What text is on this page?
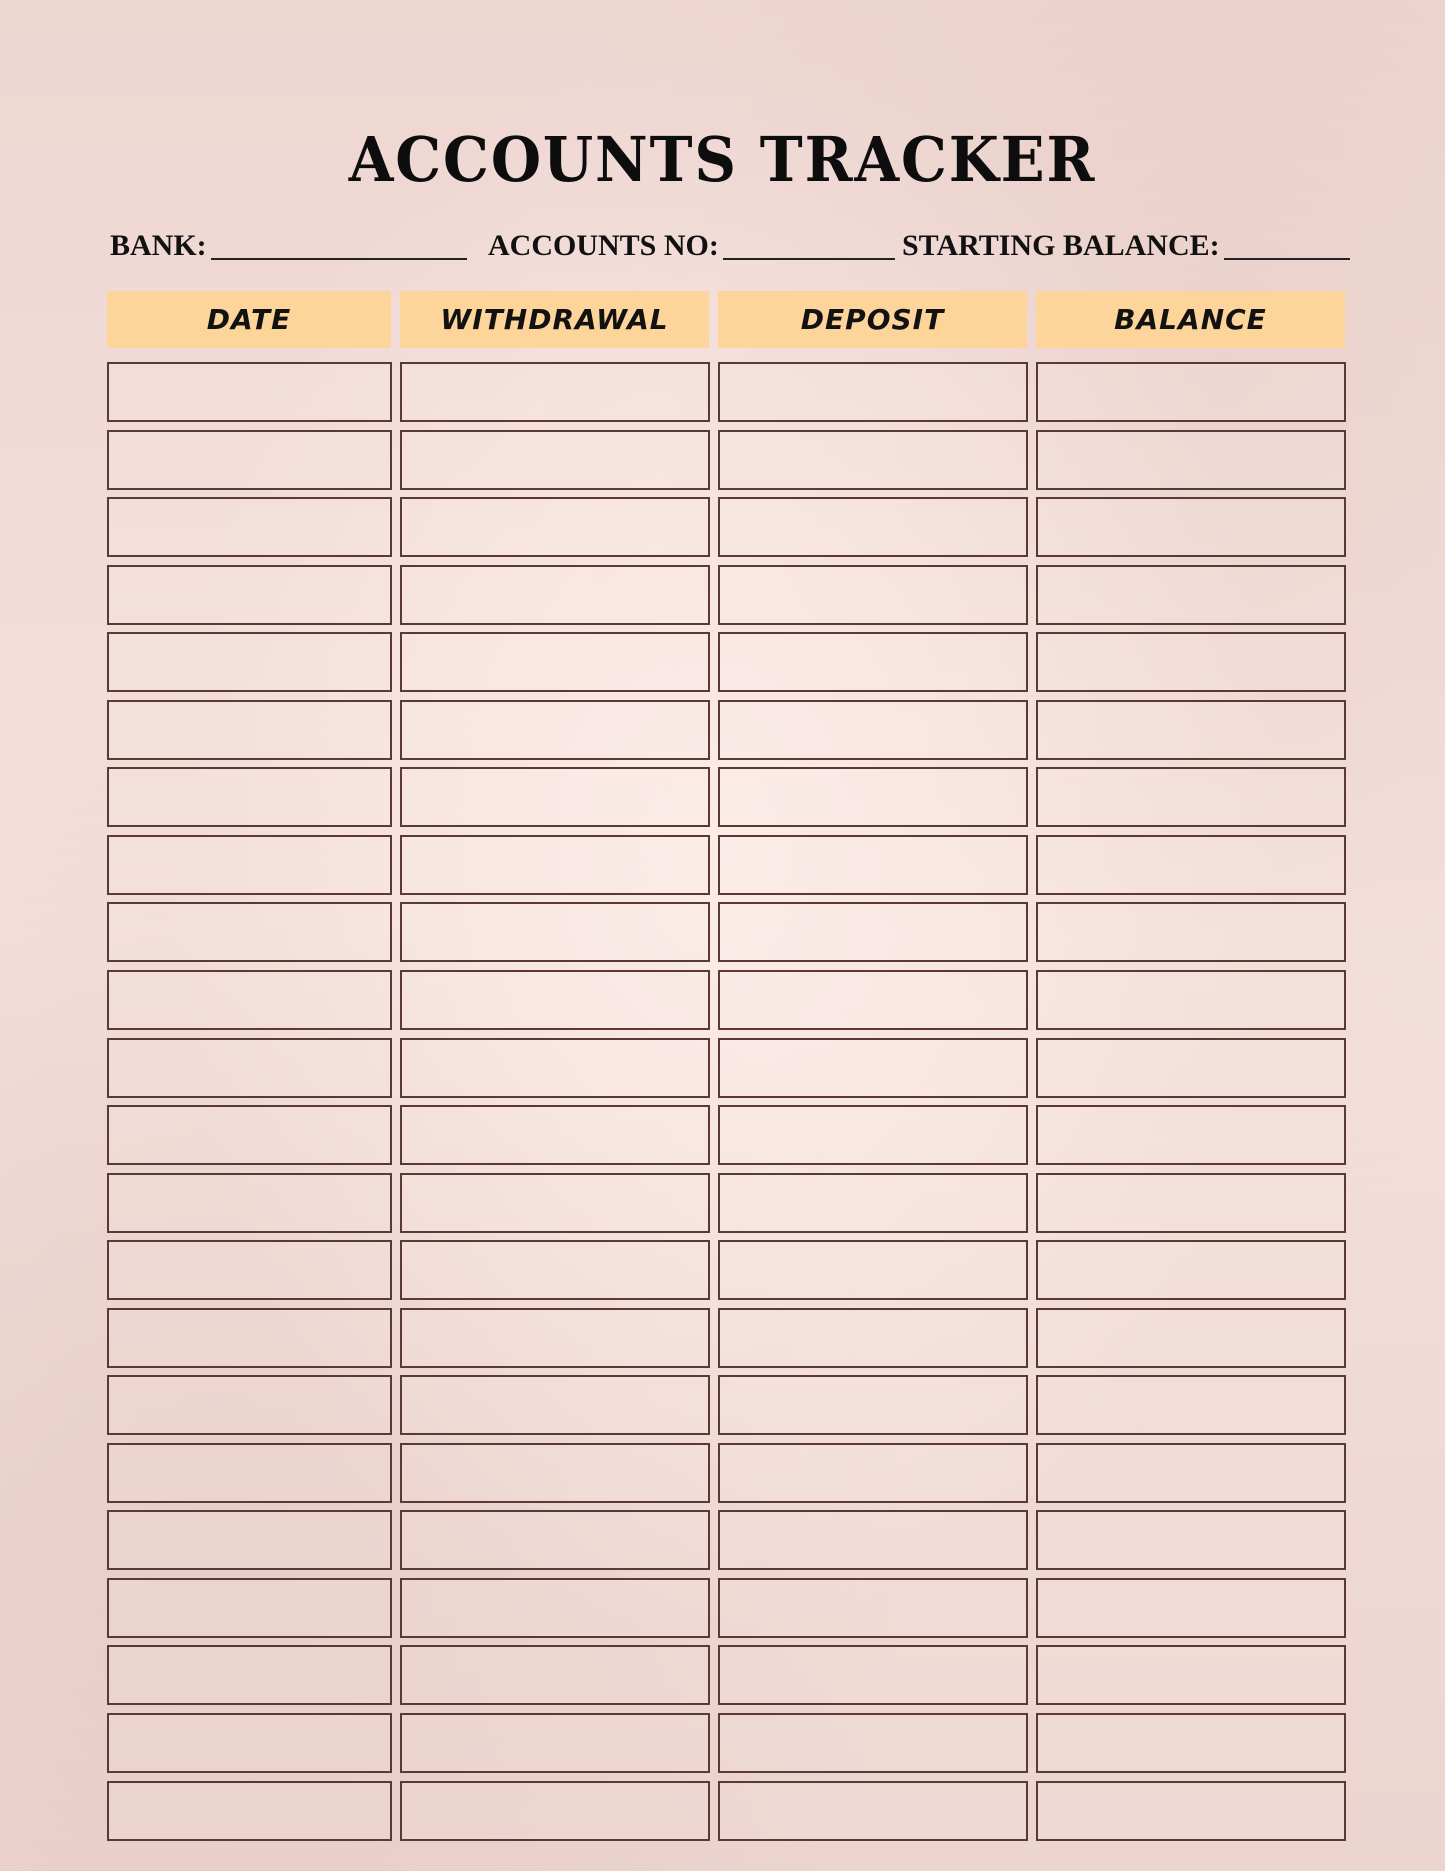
ACCOUNTS TRACKER
BANK:	ACCOUNTS NO:	STARTING BALANCE:
DATE	WITHDRAWAL	DEPOSIT	BALANCE
